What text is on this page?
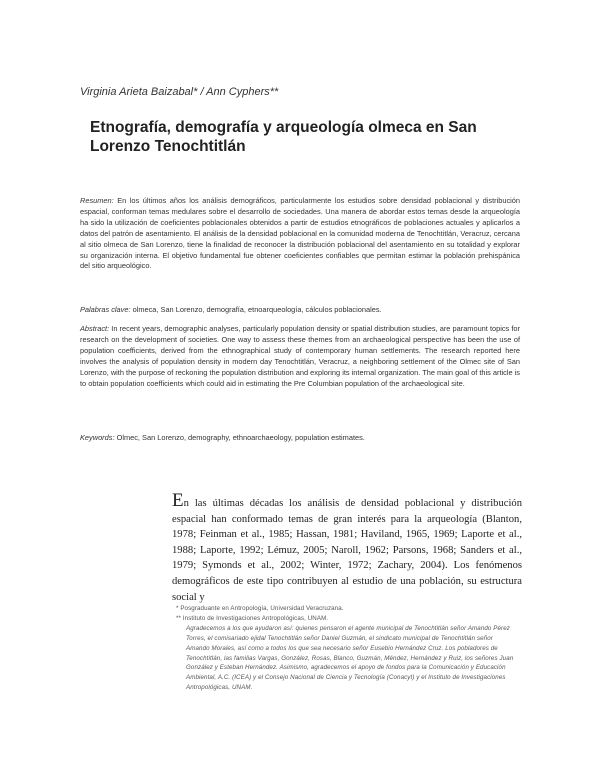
Virginia Arieta Baizabal* / Ann Cyphers**
Etnografía, demografía y arqueología olmeca en San Lorenzo Tenochtitlán

Resumen: En los últimos años los análisis demográficos, particularmente los estudios sobre densidad poblacional y distribución espacial, conforman temas medulares sobre el desarrollo de sociedades. Una manera de abordar estos temas desde la arqueología ha sido la utilización de coeficientes poblacionales obtenidos a partir de estudios etnográficos de poblaciones actuales y aplicarlos a datos del patrón de asentamiento. El análisis de la densidad poblacional en la comunidad moderna de Tenochtitlán, Veracruz, cercana al sitio olmeca de San Lorenzo, tiene la finalidad de reconocer la distribución poblacional del asentamiento en su totalidad y explorar su organización interna. El objetivo fundamental fue obtener coeficientes confiables que permitan estimar la población prehispánica del sitio arqueológico.

Palabras clave: olmeca, San Lorenzo, demografía, etnoarqueología, cálculos poblacionales.

Abstract: In recent years, demographic analyses, particularly population density or spatial distribution studies, are paramount topics for research on the development of societies. One way to assess these themes from an archaeological perspective has been the use of population coefficients, derived from the ethnographical study of contemporary human settlements. The research reported here involves the analysis of population density in modern day Tenochtitlán, Veracruz, a neighboring settlement of the Olmec site of San Lorenzo, with the purpose of reckoning the population distribution and exploring its internal organization. The main goal of this article is to obtain population coefficients which could aid in estimating the Pre Columbian population of the archaeological site.

Keywords: Olmec, San Lorenzo, demography, ethnoarchaeology, population estimates.

En las últimas décadas los análisis de densidad poblacional y distribución espacial han conformado temas de gran interés para la arqueología (Blanton, 1978; Feinman et al., 1985; Hassan, 1981; Haviland, 1965, 1969; Laporte et al., 1988; Laporte, 1992; Lémuz, 2005; Naroll, 1962; Parsons, 1968; Sanders et al., 1979; Symonds et al., 2002; Winter, 1972; Zachary, 2004). Los fenómenos demográficos de este tipo contribuyen al estudio de una población, su estructura social y

* Posgraduante en Antropología, Universidad Veracruzana.
** Instituto de Investigaciones Antropológicas, UNAM.
Agradecemos a los que ayudaron así: quienes pensaron el agente municipal de Tenochtitlán señor Amando Pérez Torres, el comisariado ejidal Tenochtitlán señor Daniel Guzmán, el sindicato municipal de Tenochtitlán señor Amando Morales, así como a todos los que sea necesario señor Eusebio Hernández Cruz. Los pobladores de Tenochtitlán, las familias Vargas, González, Rosas, Blanco, Guzmán, Méndez, Hernández y Ruiz, los señores Juan González y Esteban Hernández. Asimismo, agradecemos el apoyo de fondos para la Comunicación y Educación Ambiental, A.C. (ICEA) y el Consejo Nacional de Ciencia y Tecnología (Conacyt) y el Instituto de Investigaciones Antropológicas, UNAM.
